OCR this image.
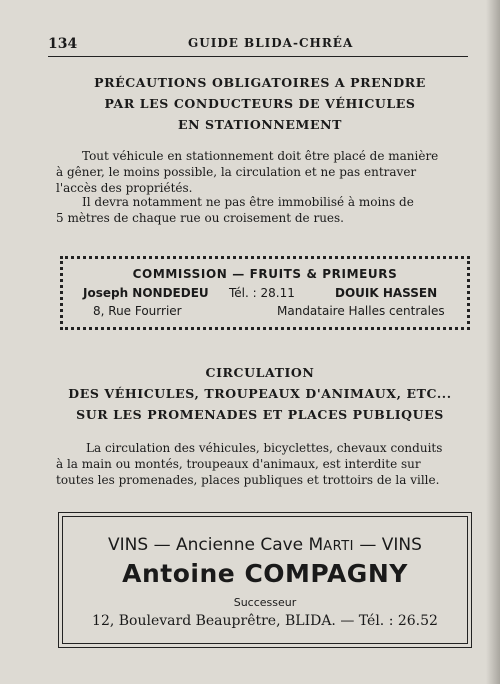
134	GUIDE BLIDA-CHRÉA
PRÉCAUTIONS OBLIGATOIRES A PRENDRE
PAR LES CONDUCTEURS DE VÉHICULES
EN STATIONNEMENT
Tout véhicule en stationnement doit être placé de manière
à gêner, le moins possible, la circulation et ne pas entraver
l'accès des propriétés.
Il devra notamment ne pas être immobilisé à moins de
5 mètres de chaque rue ou croisement de rues.
COMMISSION — FRUITS & PRIMEURS
Joseph NONDEDEU Tél. : 28.11	DOUIK HASSEN
8, Rue Fourrier	Mandataire Halles centrales
CIRCULATION
DES VÉHICULES, TROUPEAUX D'ANIMAUX, ETC...
SUR LES PROMENADES ET PLACES PUBLIQUES
La circulation des véhicules, bicyclettes, chevaux conduits
à la main ou montés, troupeaux d'animaux, est interdite sur
toutes les promenades, places publiques et trottoirs de la ville.
VINS — Ancienne Cave MARTI — VINS
Antoine COMPAGNY
Successeur
12, Boulevard Beauprêtre, BLIDA. — Tél. : 26.52
